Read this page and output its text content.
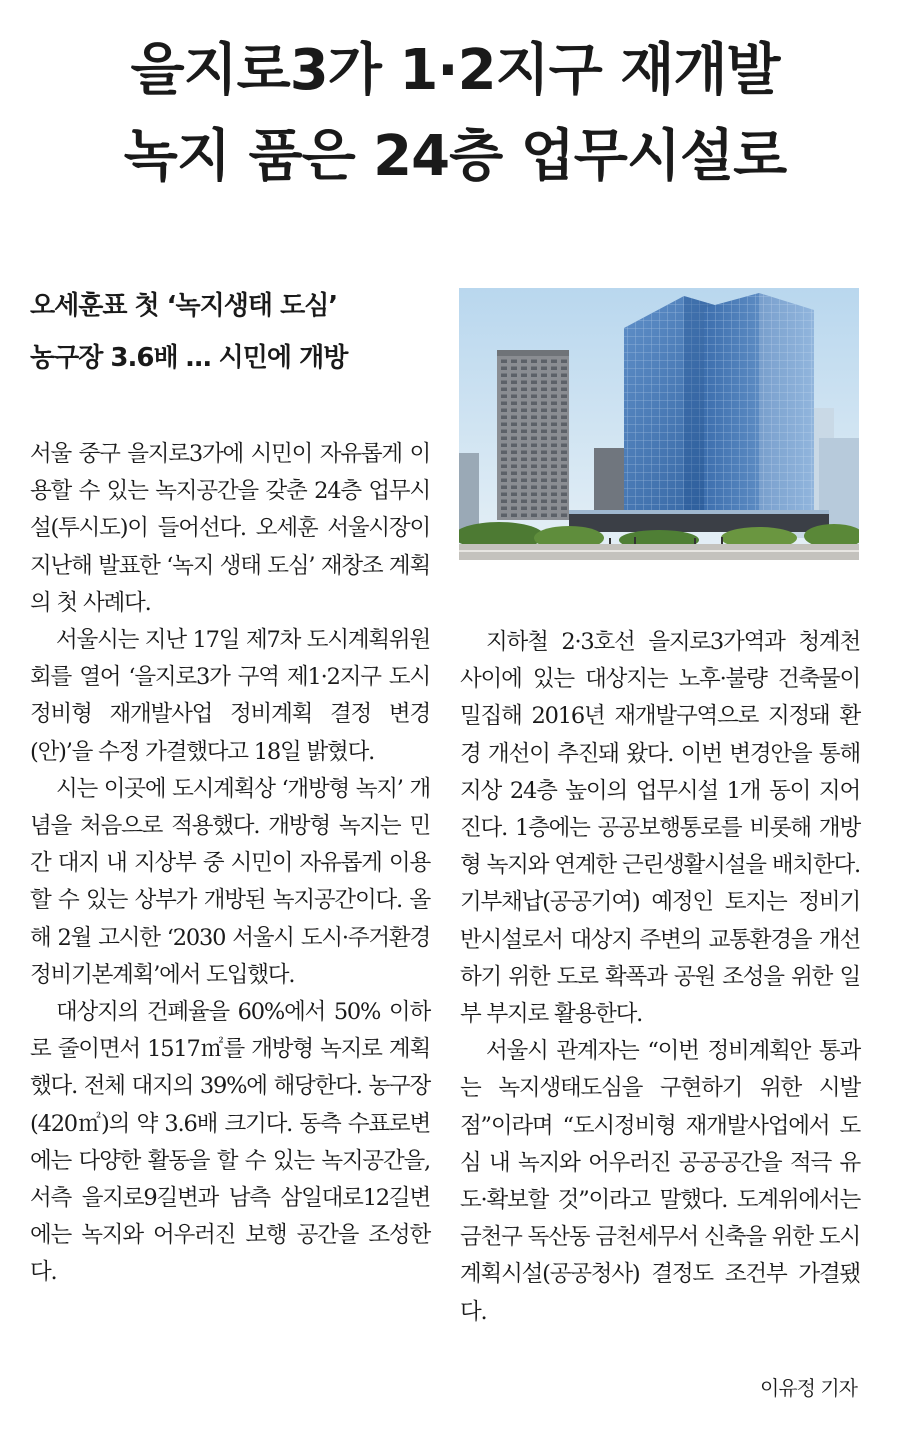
을지로3가 1·2지구 재개발
녹지 품은 24층 업무시설로
오세훈표 첫 ‘녹지생태 도심’
농구장 3.6배 … 시민에 개방

서울 중구 을지로3가에 시민이 자유롭게 이용할 수 있는 녹지공간을 갖춘 24층 업무시설(투시도)이 들어선다. 오세훈 서울시장이 지난해 발표한 ‘녹지 생태 도심’ 재창조 계획의 첫 사례다.

서울시는 지난 17일 제7차 도시계획위원회를 열어 ‘을지로3가 구역 제1·2지구 도시정비형 재개발사업 정비계획 결정 변경(안)’을 수정 가결했다고 18일 밝혔다.

시는 이곳에 도시계획상 ‘개방형 녹지’ 개념을 처음으로 적용했다. 개방형 녹지는 민간 대지 내 지상부 중 시민이 자유롭게 이용할 수 있는 상부가 개방된 녹지공간이다. 올해 2월 고시한 ‘2030 서울시 도시·주거환경정비기본계획’에서 도입했다.

대상지의 건폐율을 60%에서 50% 이하로 줄이면서 1517㎡를 개방형 녹지로 계획했다. 전체 대지의 39%에 해당한다. 농구장(420㎡)의 약 3.6배 크기다. 동측 수표로변에는 다양한 활동을 할 수 있는 녹지공간을, 서측 을지로9길변과 남측 삼일대로12길변에는 녹지와 어우러진 보행 공간을 조성한다.

지하철 2·3호선 을지로3가역과 청계천 사이에 있는 대상지는 노후·불량 건축물이 밀집해 2016년 재개발구역으로 지정돼 환경 개선이 추진돼 왔다. 이번 변경안을 통해 지상 24층 높이의 업무시설 1개 동이 지어진다. 1층에는 공공보행통로를 비롯해 개방형 녹지와 연계한 근린생활시설을 배치한다. 기부채납(공공기여) 예정인 토지는 정비기반시설로서 대상지 주변의 교통환경을 개선하기 위한 도로 확폭과 공원 조성을 위한 일부 부지로 활용한다.

서울시 관계자는 “이번 정비계획안 통과는 녹지생태도심을 구현하기 위한 시발점”이라며 “도시정비형 재개발사업에서 도심 내 녹지와 어우러진 공공공간을 적극 유도·확보할 것”이라고 말했다. 도계위에서는 금천구 독산동 금천세무서 신축을 위한 도시계획시설(공공청사) 결정도 조건부 가결됐다.

이유정 기자
